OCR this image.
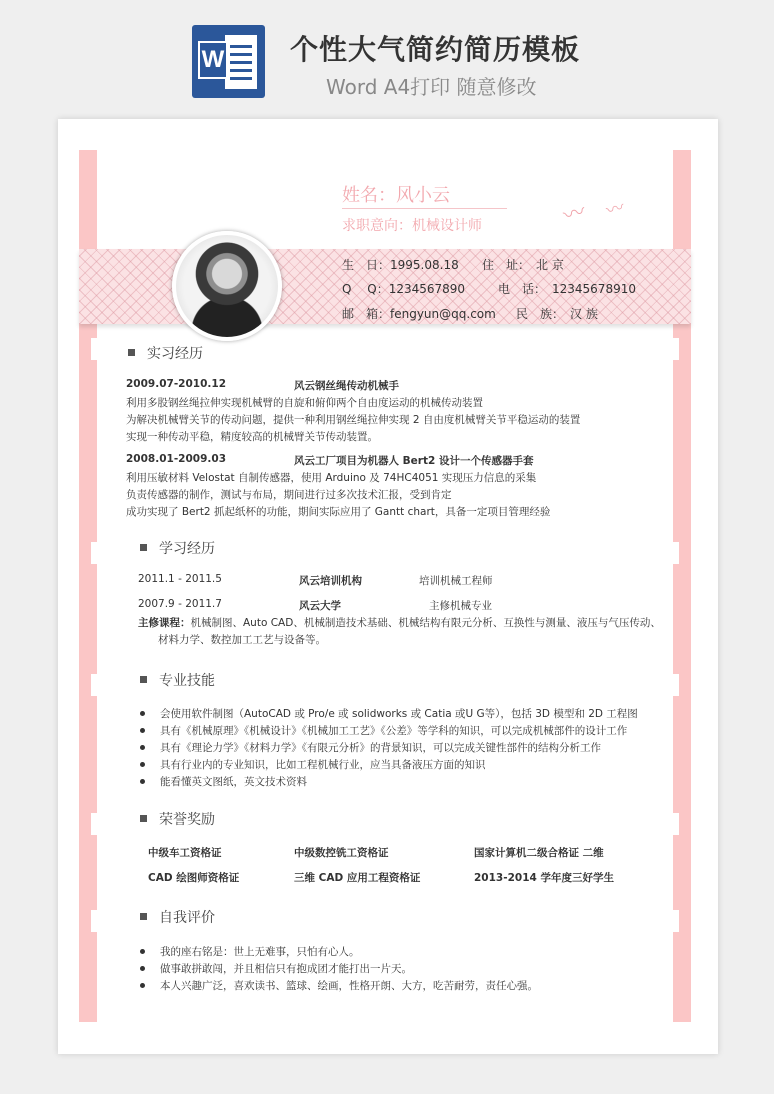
W 个性大气简约简历模板
Word A4打印 随意修改
姓名：风小云
求职意向：机械设计师	〰 〰
生　日：1995.08.18 住　址：　北 京
Q　 Q：1234567890	电　话：　12345678910
邮　箱：fengyun@qq.com 民　族：　汉 族
实习经历
2009.07-2010.12	风云钢丝绳传动机械手
利用多股钢丝绳拉伸实现机械臂的自旋和俯仰两个自由度运动的机械传动装置
为解决机械臂关节的传动问题，提供一种利用钢丝绳拉伸实现 2 自由度机械臂关节平稳运动的装置
实现一种传动平稳，精度较高的机械臂关节传动装置。
2008.01-2009.03	风云工厂项目为机器人 Bert2 设计一个传感器手套
利用压敏材料 Velostat 自制传感器，使用 Arduino 及 74HC4051 实现压力信息的采集
负责传感器的制作，测试与布局，期间进行过多次技术汇报，受到肯定
成功实现了 Bert2 抓起纸杯的功能，期间实际应用了 Gantt chart，具备一定项目管理经验
学习经历
2011.1 - 2011.5	风云培训机构	培训机械工程师
2007.9 - 2011.7	风云大学	主修机械专业
主修课程：机械制图、Auto CAD、机械制造技术基础、机械结构有限元分析、互换性与测量、液压与气压传动、
材料力学、数控加工工艺与设备等。
专业技能
会使用软件制图（AutoCAD 或 Pro/e 或 solidworks 或 Catia 或U G等），包括 3D 模型和 2D 工程图
具有《机械原理》《机械设计》《机械加工工艺》《公差》等学科的知识，可以完成机械部件的设计工作
具有《理论力学》《材料力学》《有限元分析》的背景知识，可以完成关键性部件的结构分析工作
具有行业内的专业知识，比如工程机械行业，应当具备液压方面的知识
能看懂英文图纸，英文技术资料
荣誉奖励
中级车工资格证	中级数控铣工资格证	国家计算机二级合格证 二维
CAD 绘图师资格证	三维 CAD 应用工程资格证	2013-2014 学年度三好学生
自我评价
我的座右铭是：世上无难事，只怕有心人。
做事敢拼敢闯，并且相信只有抱成团才能打出一片天。
本人兴趣广泛，喜欢读书、篮球、绘画，性格开朗、大方，吃苦耐劳，责任心强。
